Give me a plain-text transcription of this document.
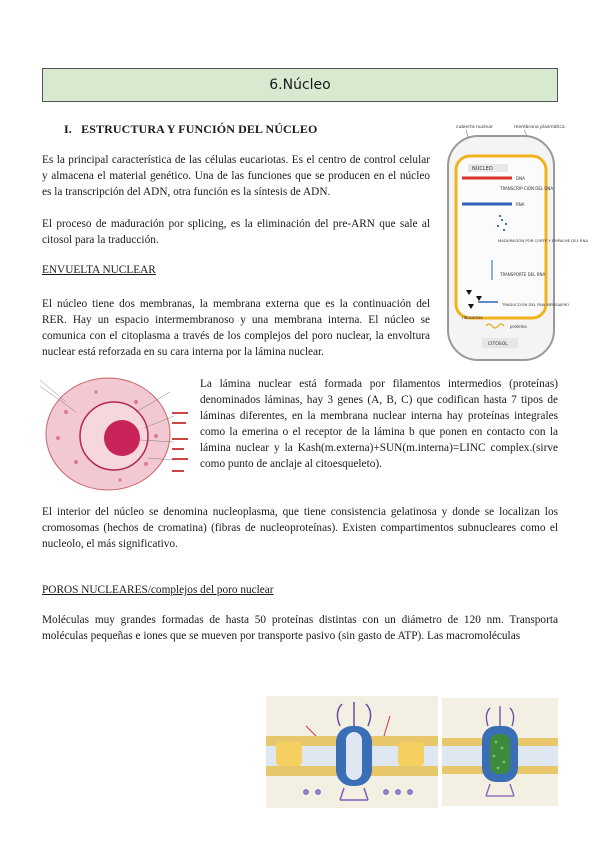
6.Núcleo
I.   ESTRUCTURA Y FUNCIÓN DEL NÚCLEO
Es la principal característica de las células eucariotas. Es el centro de control celular y almacena el material genético. Una de las funciones que se producen en el núcleo es la transcripción del ADN, otra función es la síntesis de ADN.
El proceso de maduración por splicing, es la eliminación del pre-ARN que sale al citosol para la traducción.
ENVUELTA NUCLEAR
El núcleo tiene dos membranas, la membrana externa que es la continuación del RER. Hay un espacio intermembranoso y una membrana interna. El núcleo se comunica con el citoplasma a través de los complejos del poro nuclear, la envoltura nuclear está reforzada en su cara interna por la lámina nuclear.
La lámina nuclear está formada por filamentos intermedios (proteínas) denominados láminas, hay 3 genes (A, B, C) que codifican hasta 7 tipos de láminas diferentes, en la membrana nuclear interna hay proteínas integrales como la emerina o el receptor de la lámina b que ponen en contacto con la lámina nuclear y la Kash(m.externa)+SUN(m.interna)=LINC complex.(sirve como punto de anclaje al citoesqueleto).
El interior del núcleo se denomina nucleoplasma, que tiene consistencia gelatinosa y donde se localizan los cromosomas (hechos de cromatina) (fibras de nucleoproteínas). Existen compartimentos subnucleares como el nucleolo, el más significativo.
POROS NUCLEARES/complejos del poro nuclear
Moléculas muy grandes formadas de hasta 50 proteínas distintas con un diámetro de 120 nm. Transporta moléculas pequeñas e iones que se mueven por transporte pasivo (sin gasto de ATP). Las macromoléculas
cubierta nuclear	membrana plasmática
NÚCLEO
DNA
TRANSCRIP-CIÓN DEL DNA
RNA
MADURACIÓN POR CORTE Y EMPALME DEL RNA
TRANSPORTE DEL RNA
ribosomas
TRADUCCIÓN DEL RNA MENSAJERO
proteína
CITOSOL
